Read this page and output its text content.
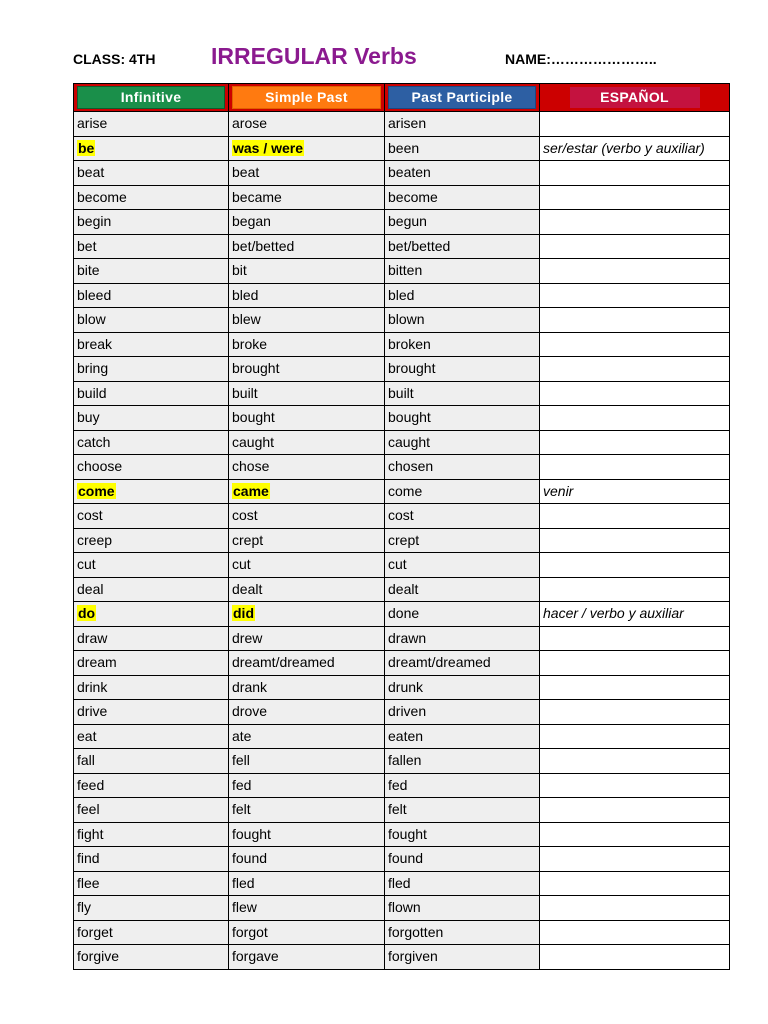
CLASS: 4TH IRREGULAR Verbs	NAME:…………………..
Infinitive	Simple Past	Past Participle	ESPAÑOL

arise	arose	arisen	
be	was / were	been	ser/estar (verbo y auxiliar)
beat	beat	beaten	
become	became	become	
begin	began	begun	
bet	bet/betted	bet/betted	
bite	bit	bitten	
bleed	bled	bled	
blow	blew	blown	
break	broke	broken	
bring	brought	brought	
build	built	built	
buy	bought	bought	
catch	caught	caught	
choose	chose	chosen	
come	came	come	venir
cost	cost	cost	
creep	crept	crept	
cut	cut	cut	
deal	dealt	dealt	
do	did	done	hacer / verbo y auxiliar
draw	drew	drawn	
dream	dreamt/dreamed	dreamt/dreamed	
drink	drank	drunk	
drive	drove	driven	
eat	ate	eaten	
fall	fell	fallen	
feed	fed	fed	
feel	felt	felt	
fight	fought	fought	
find	found	found	
flee	fled	fled	
fly	flew	flown	
forget	forgot	forgotten	
forgive	forgave	forgiven	
